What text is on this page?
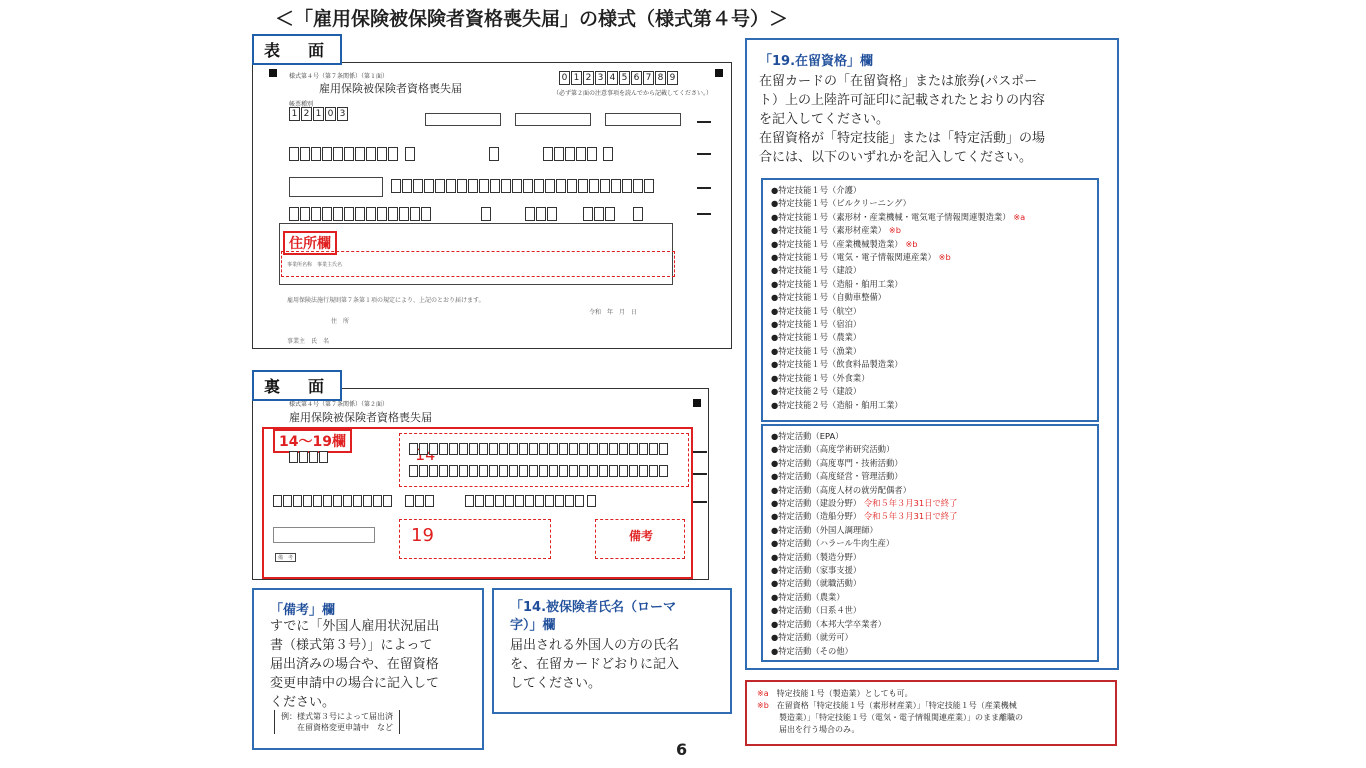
＜「雇用保険被保険者資格喪失届」の様式（様式第４号）＞
表　面
様式第４号（第７条関係）（第１面）
雇用保険被保険者資格喪失届
0 1 2 3 4 5 6 7 8 9
（必ず第２面の注意事項を読んでから記載してください。）
帳票種別
1 2 1 0 3
住所欄
事業所名称　事業主氏名
雇用保険法施行規則第７条第１項の規定により、上記のとおり届けます。
令和　年　月　日
住　所
事業主　氏　名
裏　面
様式第４号（第７条関係）（第２面）
雇用保険被保険者資格喪失届
14～19欄
19	備考
備　考
「19.在留資格」欄
在留カードの「在留資格」または旅券(パスポー
ト）上の上陸許可証印に記載されたとおりの内容
を記入してください。
在留資格が「特定技能」または「特定活動」の場
合には、以下のいずれかを記入してください。
●特定技能１号（介護）
●特定技能１号（ビルクリーニング）
●特定技能１号（素形材・産業機械・電気電子情報関連製造業） ※a
●特定技能１号（素形材産業） ※b
●特定技能１号（産業機械製造業） ※b
●特定技能１号（電気・電子情報関連産業） ※b
●特定技能１号（建設）
●特定技能１号（造船・舶用工業）
●特定技能１号（自動車整備）
●特定技能１号（航空）
●特定技能１号（宿泊）
●特定技能１号（農業）
●特定技能１号（漁業）
●特定技能１号（飲食料品製造業）
●特定技能１号（外食業）
●特定技能２号（建設）
●特定技能２号（造船・舶用工業）
●特定活動（EPA）
●特定活動（高度学術研究活動）
●特定活動（高度専門・技術活動）
●特定活動（高度経営・管理活動）
●特定活動（高度人材の就労配偶者）
●特定活動（建設分野） 令和５年３月31日で終了
●特定活動（造船分野） 令和５年３月31日で終了
●特定活動（外国人調理師）
●特定活動（ハラール牛肉生産）
●特定活動（製造分野）
●特定活動（家事支援）
●特定活動（就職活動）
●特定活動（農業）
●特定活動（日系４世）
●特定活動（本邦大学卒業者）
●特定活動（就労可）
●特定活動（その他）
※a　 特定技能１号（製造業）としても可。
※b　 在留資格「特定技能１号（素形材産業）」「特定技能１号（産業機械
製造業）」「特定技能１号（電気・電子情報関連産業）」のまま離職の
届出を行う場合のみ。
「備考」欄
すでに「外国人雇用状況届出
書（様式第３号）」によって
届出済みの場合や、在留資格
変更申請中の場合に記入して
ください。
例：様式第３号によって届出済
　　在留資格変更申請中　など
「14.被保険者氏名（ローマ
字）」欄
届出される外国人の方の氏名
を、在留カードどおりに記入
してください。
6
